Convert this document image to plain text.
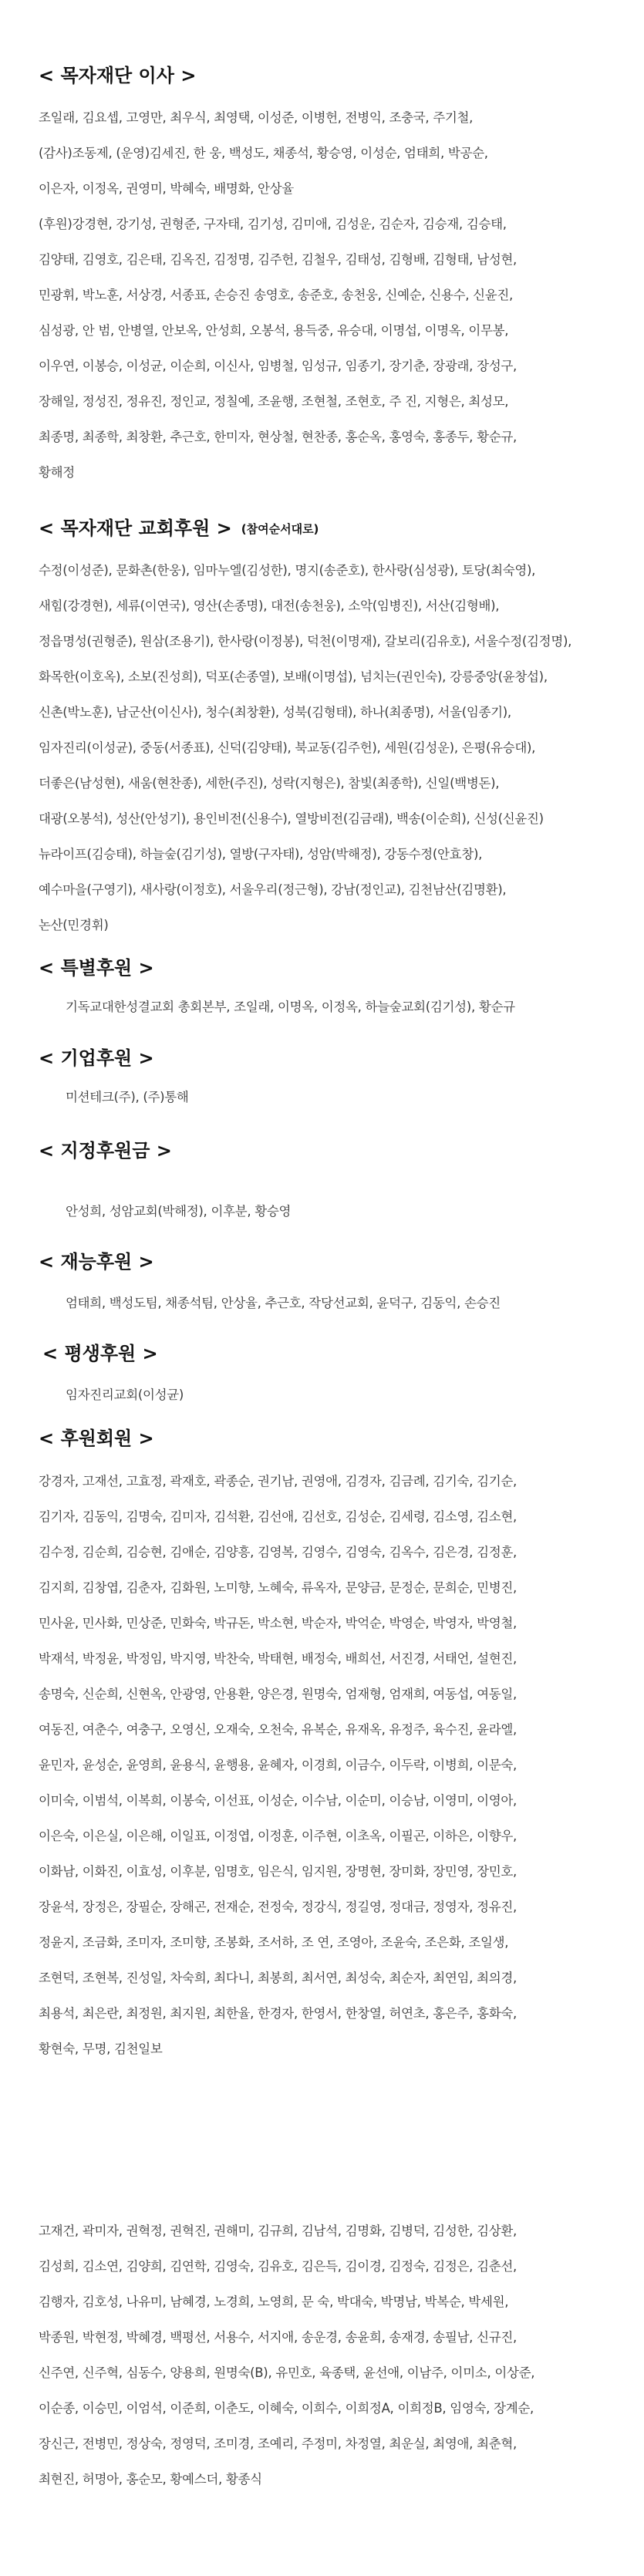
< 목자재단 이사 >
조일래, 김요셉, 고영만, 최우식, 최영택, 이성준, 이병헌, 전병익, 조충국, 주기철,
(감사)조동제, (운영)김세진, 한 웅, 백성도, 채종석, 황승영, 이성순, 엄태희, 박공순,
이은자, 이정옥, 권영미, 박혜숙, 배명화, 안상율
(후원)강경현, 강기성, 권형준, 구자태, 김기성, 김미애, 김성운, 김순자, 김승재, 김승태,
김양태, 김영호, 김은태, 김옥진, 김정명, 김주헌, 김철우, 김태성, 김형배, 김형태, 남성현,
민광휘, 박노훈, 서상경, 서종표, 손승진 송영호, 송준호, 송천웅, 신예순, 신용수, 신윤진,
심성광, 안 범, 안병열, 안보옥, 안성희, 오봉석, 용득중, 유승대, 이명섭, 이명옥, 이무봉,
이우연, 이봉승, 이성균, 이순희, 이신사, 임병철, 임성규, 임종기, 장기춘, 장광래, 장성구,
장해일, 정성진, 정유진, 정인교, 정칠예, 조윤행, 조현철, 조현호, 주 진, 지형은, 최성모,
최종명, 최종학, 최창환, 추근호, 한미자, 현상철, 현찬종, 홍순옥, 홍영숙, 홍종두, 황순규,
황해정
< 목자재단 교회후원 > (참여순서대로)
수정(이성준), 문화촌(한웅), 임마누엘(김성한), 명지(송준호), 한사랑(심성광), 토당(최숙영),
새힘(강경현), 세류(이연국), 영산(손종명), 대전(송천웅), 소악(임병진), 서산(김형배),
정읍명성(권형준), 원삼(조용기), 한사랑(이정봉), 덕천(이명재), 갈보리(김유호), 서울수정(김정명),
화목한(이호옥), 소보(진성희), 덕포(손종열), 보배(이명섭), 넘치는(권인숙), 강릉중앙(윤창섭),
신촌(박노훈), 남군산(이신사), 청수(최창환), 성북(김형태), 하나(최종명), 서울(임종기),
임자진리(이성균), 중동(서종표), 신덕(김양태), 북교동(김주헌), 세원(김성운), 은평(유승대),
더좋은(남성현), 새움(현찬종), 세한(주진), 성락(지형은), 참빛(최종학), 신일(백병돈),
대광(오봉석), 성산(안성기), 용인비전(신용수), 열방비전(김금래), 백송(이순희), 신성(신윤진)
뉴라이프(김승태), 하늘숲(김기성), 열방(구자태), 성암(박해정), 강동수정(안효창),
예수마을(구영기), 새사랑(이정호), 서울우리(정근형), 강남(정인교), 김천남산(김명환),
논산(민경휘)
< 특별후원 >
기독교대한성결교회 총회본부, 조일래, 이명옥, 이정옥, 하늘숲교회(김기성), 황순규
< 기업후원 >
미션테크(주), (주)통해
< 지정후원금 >
안성희, 성암교회(박해정), 이후분, 황승영
< 재능후원 >
엄태희, 백성도팀, 채종석팀, 안상율, 추근호, 작당선교회, 윤덕구, 김동익, 손승진
< 평생후원 >
임자진리교회(이성균)
< 후원회원 >
강경자, 고재선, 고효정, 곽재호, 곽종순, 권기남, 권영애, 김경자, 김금례, 김기숙, 김기순,
김기자, 김동익, 김명숙, 김미자, 김석환, 김선애, 김선호, 김성순, 김세령, 김소영, 김소현,
김수정, 김순희, 김승현, 김애순, 김양흥, 김영복, 김영수, 김영숙, 김옥수, 김은경, 김정훈,
김지희, 김창엽, 김춘자, 김화원, 노미향, 노혜숙, 류옥자, 문양금, 문정순, 문희순, 민병진,
민사윤, 민사화, 민상준, 민화숙, 박규돈, 박소현, 박순자, 박억순, 박영순, 박영자, 박영철,
박재석, 박정윤, 박정임, 박지영, 박찬숙, 박태현, 배정숙, 배희선, 서진경, 서태언, 설현진,
송명숙, 신순희, 신현옥, 안광영, 안용환, 양은경, 원명숙, 엄재형, 엄재희, 여동섭, 여동일,
여동진, 여춘수, 여충구, 오영신, 오재숙, 오천숙, 유복순, 유재옥, 유정주, 육수진, 윤라엘,
윤민자, 윤성순, 윤영희, 윤용식, 윤행용, 윤혜자, 이경희, 이금수, 이두락, 이병희, 이문숙,
이미숙, 이범석, 이복희, 이봉숙, 이선표, 이성순, 이수남, 이순미, 이승남, 이영미, 이영아,
이은숙, 이은실, 이은해, 이일표, 이정엽, 이정훈, 이주현, 이초옥, 이필곤, 이하은, 이향우,
이화남, 이화진, 이효성, 이후분, 임명호, 임은식, 임지원, 장명현, 장미화, 장민영, 장민호,
장윤석, 장정은, 장필순, 장해곤, 전재순, 전정숙, 정강식, 정길영, 정대금, 정영자, 정유진,
정윤지, 조금화, 조미자, 조미향, 조봉화, 조서하, 조 연, 조영아, 조윤숙, 조은화, 조일생,
조현덕, 조현복, 진성일, 차숙희, 최다니, 최봉희, 최서연, 최성숙, 최순자, 최연임, 최의경,
최용석, 최은란, 최정원, 최지원, 최한율, 한경자, 한영서, 한창열, 허연초, 홍은주, 홍화숙,
황현숙, 무명, 김천일보
고재건, 곽미자, 권혁정, 권혁진, 권해미, 김규희, 김남석, 김명화, 김병덕, 김성한, 김상환,
김성희, 김소연, 김양희, 김연학, 김영숙, 김유호, 김은득, 김이경, 김정숙, 김정은, 김춘선,
김행자, 김호성, 나유미, 남혜경, 노경희, 노영희, 문 숙, 박대숙, 박명남, 박복순, 박세원,
박종원, 박현정, 박혜경, 백평선, 서용수, 서지애, 송운경, 송윤희, 송재경, 송필남, 신규진,
신주연, 신주혁, 심동수, 양용희, 원명숙(B), 유민호, 육종택, 윤선애, 이남주, 이미소, 이상준,
이순종, 이승민, 이엄석, 이준희, 이춘도, 이혜숙, 이희수, 이희정A, 이희정B, 임영숙, 장계순,
장신근, 전병민, 정상숙, 정영덕, 조미경, 조예리, 주정미, 차정열, 최운실, 최영애, 최춘혁,
최현진, 허명아, 홍순모, 황예스더, 황종식
